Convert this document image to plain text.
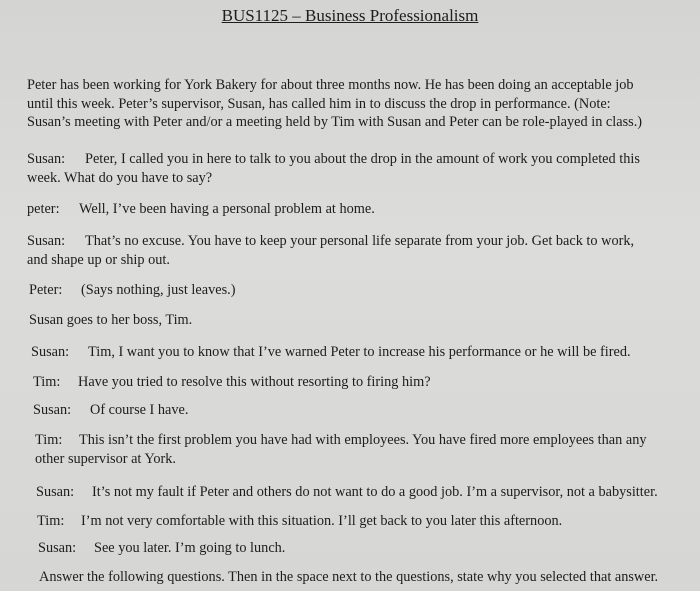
BUS1125 – Business Professionalism
Peter has been working for York Bakery for about three months now. He has been doing an acceptable job
until this week. Peter’s supervisor, Susan, has called him in to discuss the drop in performance. (Note:
Susan’s meeting with Peter and/or a meeting held by Tim with Susan and Peter can be role-played in class.)
Susan: Peter, I called you in here to talk to you about the drop in the amount of work you completed this
week. What do you have to say?
peter: Well, I’ve been having a personal problem at home.
Susan: That’s no excuse. You have to keep your personal life separate from your job. Get back to work,
and shape up or ship out.
Peter: (Says nothing, just leaves.)
Susan goes to her boss, Tim.
Susan: Tim, I want you to know that I’ve warned Peter to increase his performance or he will be fired.
Tim: Have you tried to resolve this without resorting to firing him?
Susan: Of course I have.
Tim: This isn’t the first problem you have had with employees. You have fired more employees than any
other supervisor at York.
Susan: It’s not my fault if Peter and others do not want to do a good job. I’m a supervisor, not a babysitter.
Tim: I’m not very comfortable with this situation. I’ll get back to you later this afternoon.
Susan: See you later. I’m going to lunch.
Answer the following questions. Then in the space next to the questions, state why you selected that answer.
